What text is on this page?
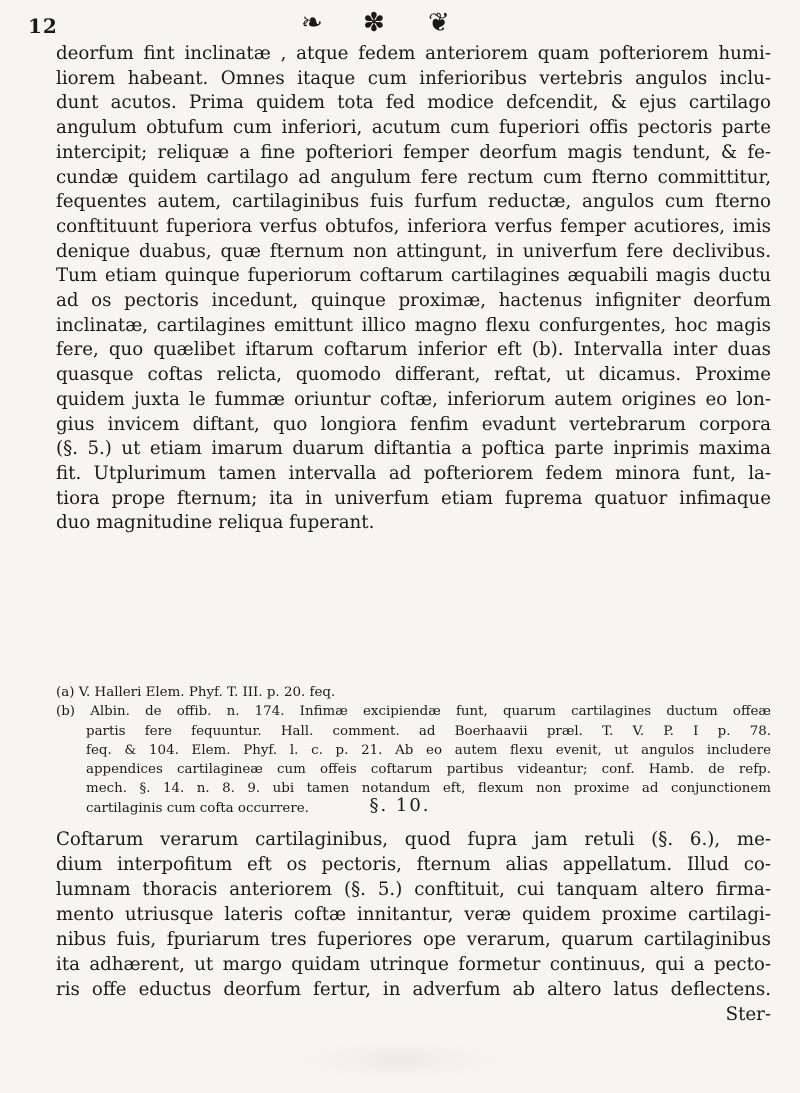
12	❧ ✽ ❦

deorfum fint inclinatæ , atque fedem anteriorem quam pofteriorem humi-
liorem habeant. Omnes itaque cum inferioribus vertebris angulos inclu-
dunt acutos. Prima quidem tota fed modice defcendit, & ejus cartilago
angulum obtufum cum inferiori, acutum cum fuperiori offis pectoris parte
intercipit; reliquæ a fine pofteriori femper deorfum magis tendunt, & fe-
cundæ quidem cartilago ad angulum fere rectum cum fterno committitur,
fequentes autem, cartilaginibus fuis furfum reductæ, angulos cum fterno
conftituunt fuperiora verfus obtufos, inferiora verfus femper acutiores, imis
denique duabus, quæ fternum non attingunt, in univerfum fere declivibus.
Tum etiam quinque fuperiorum coftarum cartilagines æquabili magis ductu
ad os pectoris incedunt, quinque proximæ, hactenus infigniter deorfum
inclinatæ, cartilagines emittunt illico magno flexu confurgentes, hoc magis
fere, quo quælibet iftarum coftarum inferior eft (b). Intervalla inter duas
quasque coftas relicta, quomodo differant, reftat, ut dicamus. Proxime
quidem juxta le fummæ oriuntur coftæ, inferiorum autem origines eo lon-
gius invicem diftant, quo longiora fenfim evadunt vertebrarum corpora
(§. 5.) ut etiam imarum duarum diftantia a poftica parte inprimis maxima
fit. Utplurimum tamen intervalla ad pofteriorem fedem minora funt, la-
tiora prope fternum; ita in univerfum etiam fuprema quatuor infimaque
duo magnitudine reliqua fuperant.

(a) V. Halleri Elem. Phyf. T. III. p. 20. feq.
(b) Albin. de offib. n. 174. Infimæ excipiendæ funt, quarum cartilagines ductum offeæ
partis fere fequuntur. Hall. comment. ad Boerhaavii præl. T. V. P. I p. 78.
feq. & 104. Elem. Phyf. l. c. p. 21. Ab eo autem flexu evenit, ut angulos includere
appendices cartilagineæ cum offeis coftarum partibus videantur; conf. Hamb. de refp.
mech. §. 14. n. 8. 9. ubi tamen notandum eft, flexum non proxime ad conjunctionem
cartilaginis cum cofta occurrere.	§. 10.

Coftarum verarum cartilaginibus, quod fupra jam retuli (§. 6.), me-
dium interpofitum eft os pectoris, fternum alias appellatum. Illud co-
lumnam thoracis anteriorem (§. 5.) conftituit, cui tanquam altero firma-
mento utriusque lateris coftæ innitantur, veræ quidem proxime cartilagi-
nibus fuis, fpuriarum tres fuperiores ope verarum, quarum cartilaginibus
ita adhærent, ut margo quidam utrinque formetur continuus, qui a pecto-
ris offe eductus deorfum fertur, in adverfum ab altero latus deflectens.
Ster-
